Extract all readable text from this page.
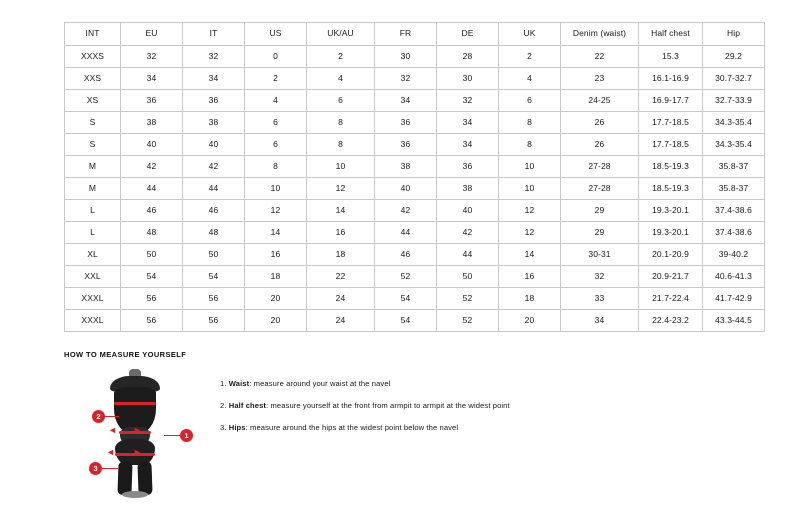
INT	EU	IT	US	UK/AU	FR	DE	UK	Denim (waist)	Half chest	Hip
XXXS	32	32	0	2	30	28	2	22	15.3	29.2
XXS	34	34	2	4	32	30	4	23	16.1-16.9	30.7-32.7
XS	36	36	4	6	34	32	6	24-25	16.9-17.7	32.7-33.9
S	38	38	6	8	36	34	8	26	17.7-18.5	34.3-35.4
S	40	40	6	8	36	34	8	26	17.7-18.5	34.3-35.4
M	42	42	8	10	38	36	10	27-28	18.5-19.3	35.8-37
M	44	44	10	12	40	38	10	27-28	18.5-19.3	35.8-37
L	46	46	12	14	42	40	12	29	19.3-20.1	37.4-38.6
L	48	48	14	16	44	42	12	29	19.3-20.1	37.4-38.6
XL	50	50	16	18	46	44	14	30-31	20.1-20.9	39-40.2
XXL	54	54	18	22	52	50	16	32	20.9-21.7	40.6-41.3
XXXL	56	56	20	24	54	52	18	33	21.7-22.4	41.7-42.9
XXXL	56	56	20	24	54	52	20	34	22.4-23.2	43.3-44.5
HOW TO MEASURE YOURSELF
◄►
◄►
1
2
3
1. Waist: measure around your waist at the navel
2. Half chest: measure yourself at the front from armpit to armpit at the widest point
3. Hips: measure around the hips at the widest point below the navel
